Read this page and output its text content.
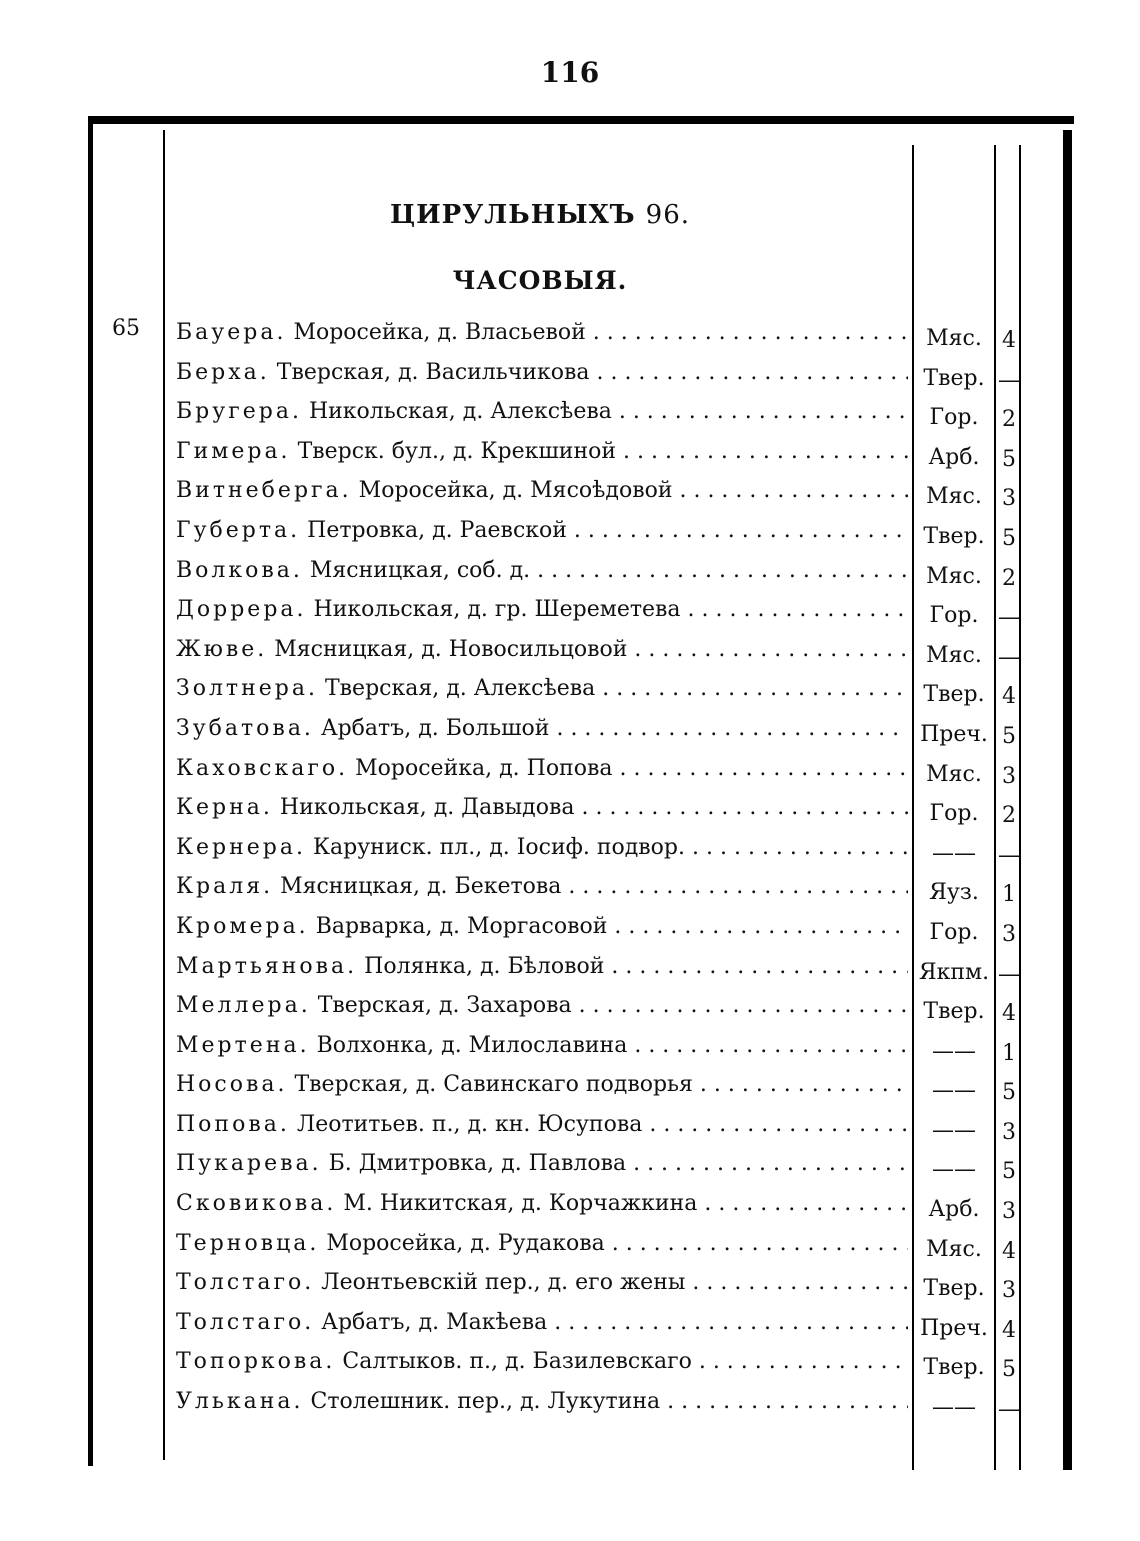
116
ЦИРУЛЬНЫХЪ 96.
ЧАСОВЫЯ.
65 Бауера. Моросейка, д. Власьевой . . .	Мяс. 4
Берха. Тверская, д. Васильчикова . . .	Твер. —
Бругера. Никольская, д. Алексѣева . . .	Гор.	2
Гимера. Тверск. бул., д. Крекшиной . . .	Арб.	5
Витнеберга. Моросейка, д. Мясоѣдовой . . .	Мяс. 3
Губерта. Петровка, д. Раевской . . .	Твер. 5
Волкова. Мясницкая, соб. д. . . .	Мяс. 2
Доррера. Никольская, д. гр. Шереметева . . .	Гор. —
Жюве. Мясницкая, д. Новосильцовой . . .	Мяс. —
Золтнера. Тверская, д. Алексѣева . . .	Твер. 4
Зубатова. Арбатъ, д. Большой . . .	Преч. 5
Каховскаго. Моросейка, д. Попова . . .	Мяс. 3
Керна. Никольская, д. Давыдова . . .	Гор.	2
Кернера. Каруниск. пл., д. Іосиф. подвор. . . .	——	—
Краля. Мясницкая, д. Бекетова . . .	Яуз.	1
Кромера. Варварка, д. Моргасовой . . .	Гор.	3
Мартьянова. Полянка, д. Бѣловой . . .	Якпм. —
Меллера. Тверская, д. Захарова . . .	Твер. 4
Мертена. Волхонка, д. Милославина . . .	——	1
Носова. Тверская, д. Савинскаго подворья . . .	——	5
Попова. Леотитьев. п., д. кн. Юсупова . . .	——	3
Пукарева. Б. Дмитровка, д. Павлова . . .	——	5
Сковикова. М. Никитская, д. Корчажкина . . .	Арб.	3
Терновца. Моросейка, д. Рудакова . . .	Мяс. 4
Толстаго. Леонтьевскій пер., д. его жены . . .	Твер. 3
Толстаго. Арбатъ, д. Макѣева . . .	Преч. 4
Топоркова. Салтыков. п., д. Базилевскаго . . .	Твер. 5
Улькана. Столешник. пер., д. Лукутина . . .	——	—
